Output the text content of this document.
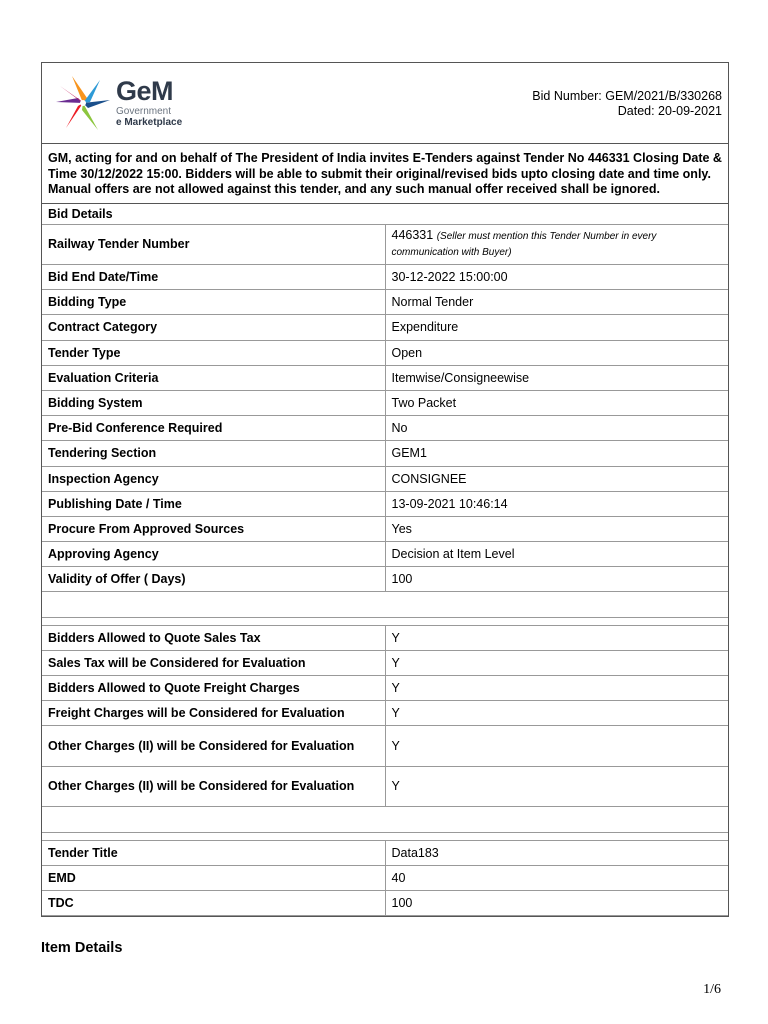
GeM
Government
e Marketplace
Bid Number: GEM/2021/B/330268
Dated: 20-09-2021
GM, acting for and on behalf of The President of India invites E-Tenders against Tender No 446331 Closing Date & Time 30/12/2022 15:00. Bidders will be able to submit their original/revised bids upto closing date and time only. Manual offers are not allowed against this tender, and any such manual offer received shall be ignored.
Bid Details	
Railway Tender Number	446331 (Seller must mention this Tender Number in every communication with Buyer)
Bid End Date/Time	30-12-2022 15:00:00
Bidding Type	Normal Tender
Contract Category	Expenditure
Tender Type	Open
Evaluation Criteria	Itemwise/Consigneewise
Bidding System	Two Packet
Pre-Bid Conference Required	No
Tendering Section	GEM1
Inspection Agency	CONSIGNEE
Publishing Date / Time	13-09-2021 10:46:14
Procure From Approved Sources	Yes
Approving Agency	Decision at Item Level
Validity of Offer ( Days)	100

Bidders Allowed to Quote Sales Tax	Y
Sales Tax will be Considered for Evaluation	Y
Bidders Allowed to Quote Freight Charges	Y
Freight Charges will be Considered for Evaluation	Y
Other Charges (II) will be Considered for Evaluation	Y
Other Charges (II) will be Considered for Evaluation	Y

Tender Title	Data183
EMD	40
TDC	100
Item Details
1/6
